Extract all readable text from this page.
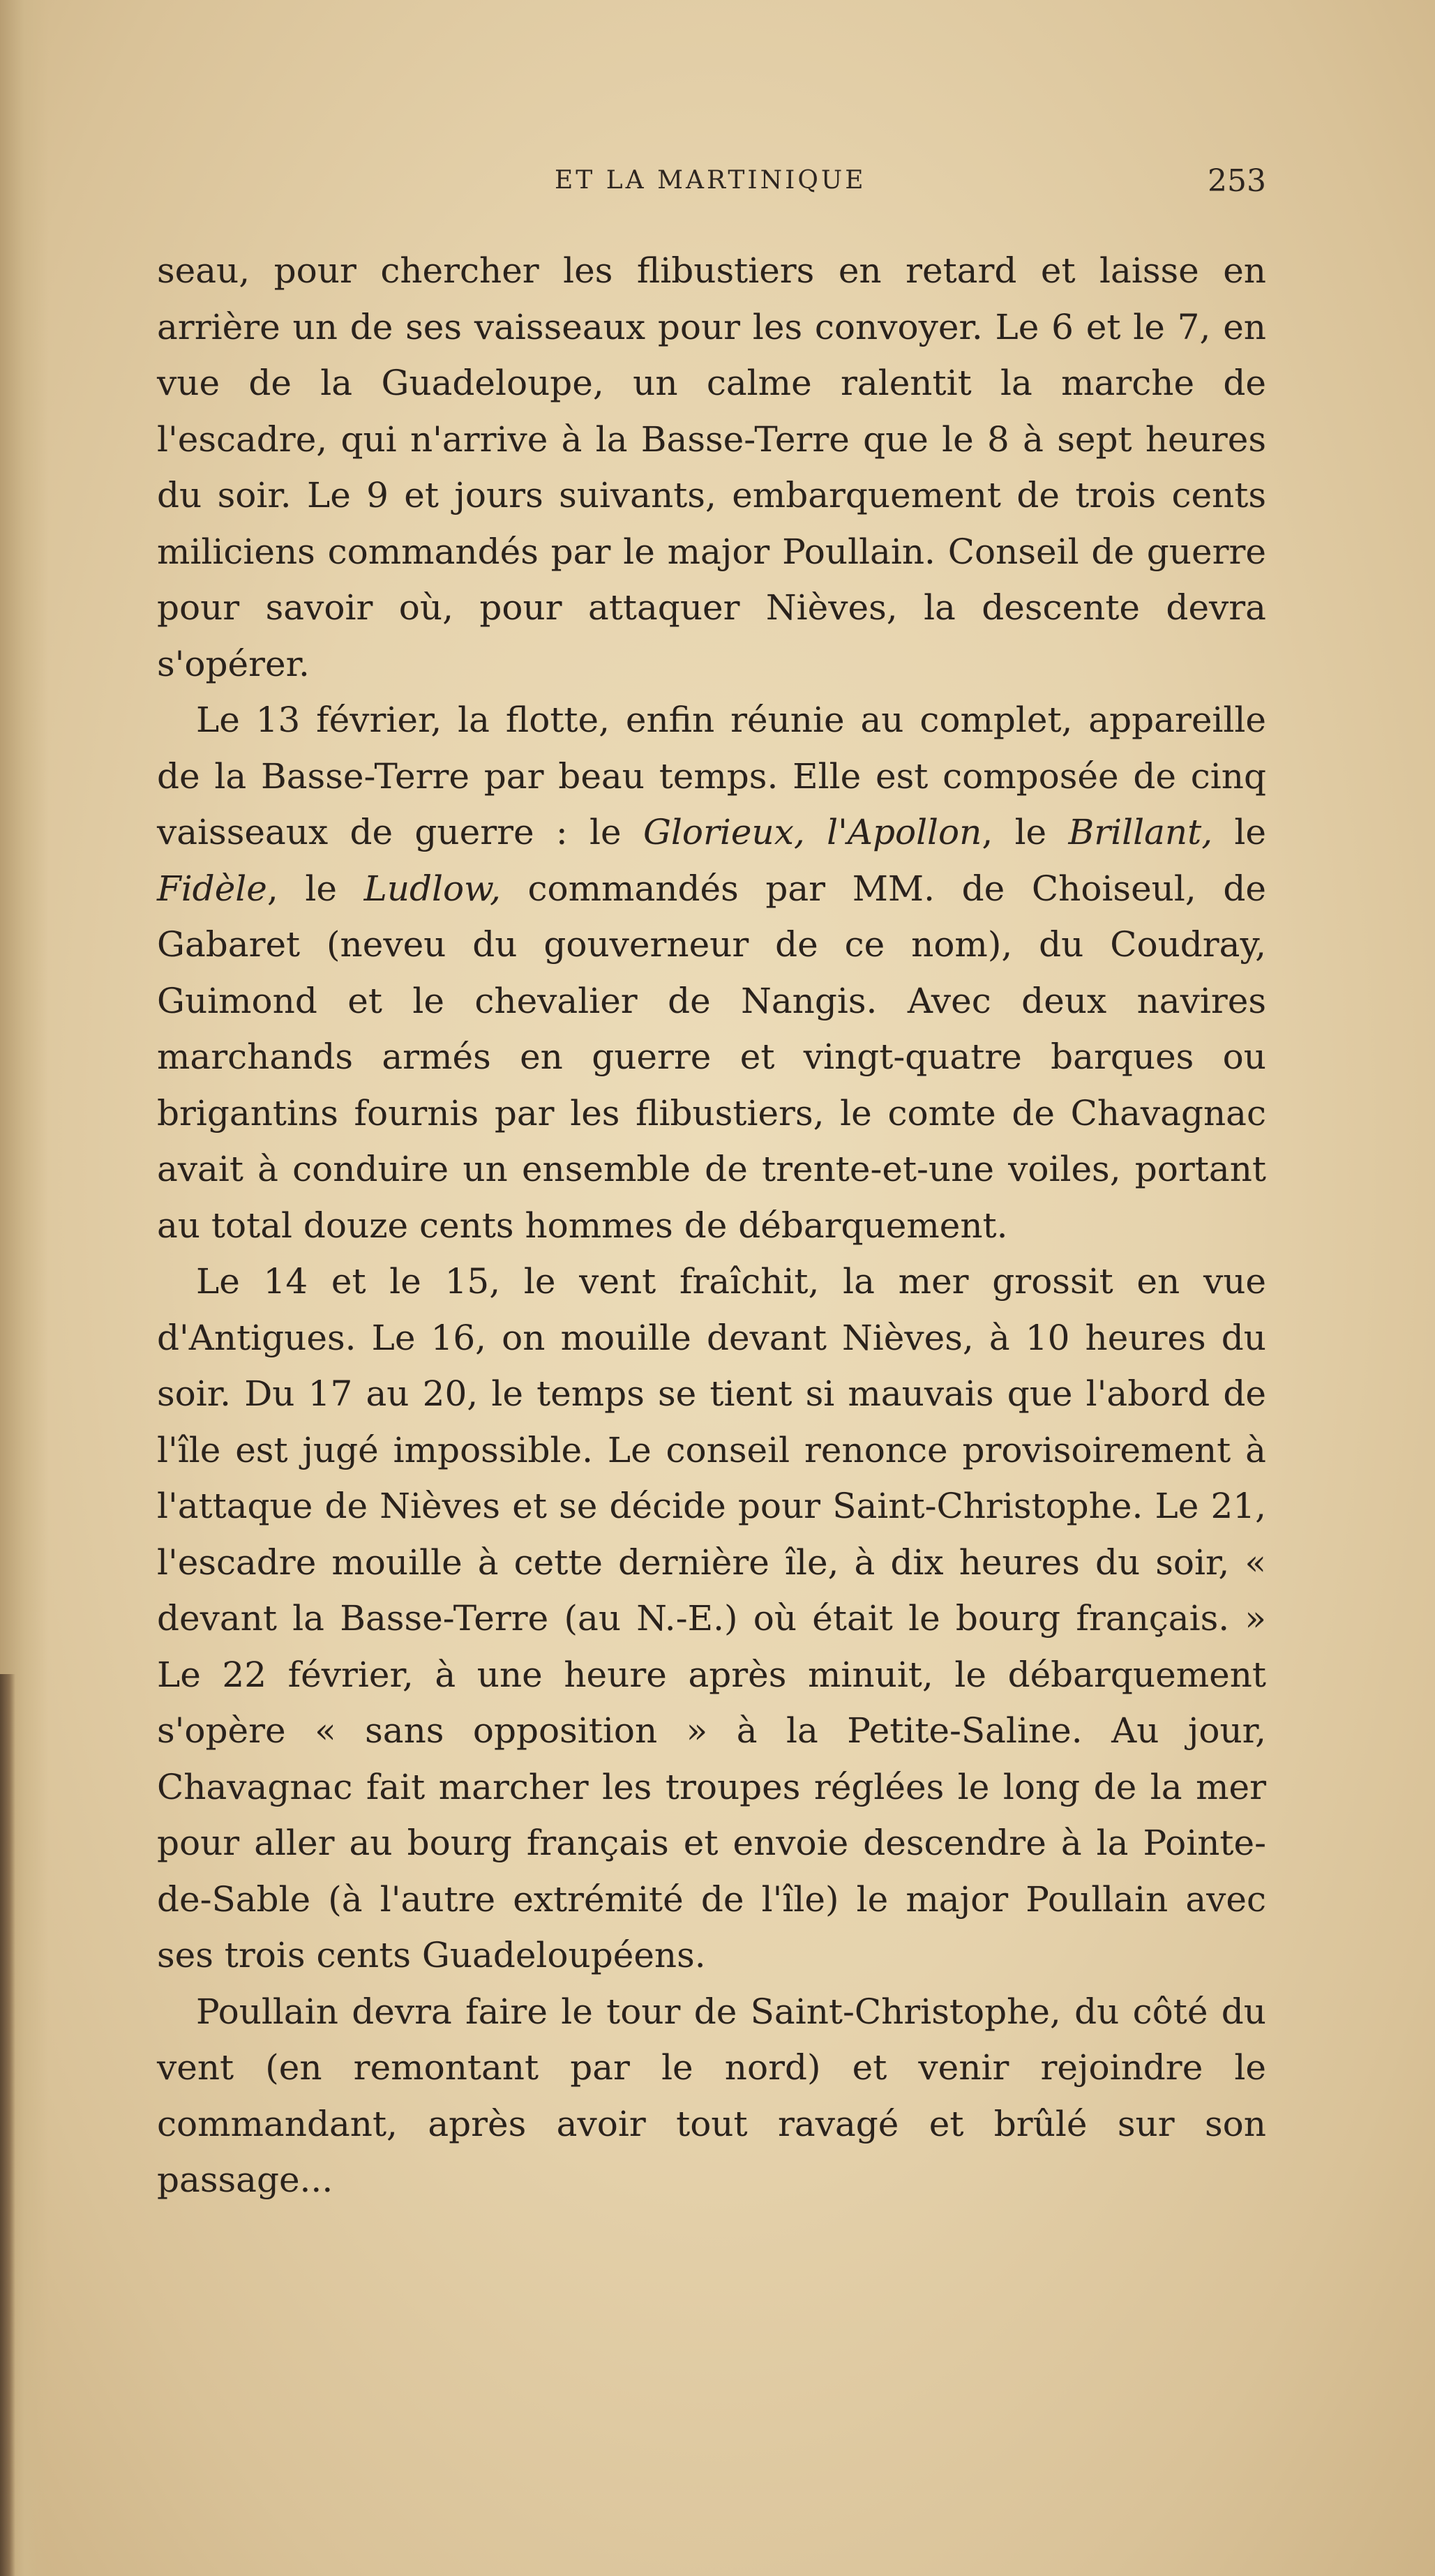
ET LA MARTINIQUE	253

seau, pour chercher les flibustiers en retard et laisse en arrière un de ses vaisseaux pour les convoyer. Le 6 et le 7, en vue de la Guadeloupe, un calme ralentit la marche de l'escadre, qui n'arrive à la Basse-Terre que le 8 à sept heures du soir. Le 9 et jours suivants, embarquement de trois cents miliciens commandés par le major Poullain. Conseil de guerre pour savoir où, pour attaquer Nièves, la descente devra s'opérer.

Le 13 février, la flotte, enfin réunie au complet, appareille de la Basse-Terre par beau temps. Elle est composée de cinq vaisseaux de guerre : le Glorieux, l'Apollon, le Brillant, le Fidèle, le Ludlow, commandés par MM. de Choiseul, de Gabaret (neveu du gouverneur de ce nom), du Coudray, Guimond et le chevalier de Nangis. Avec deux navires marchands armés en guerre et vingt-quatre barques ou brigantins fournis par les flibustiers, le comte de Chavagnac avait à conduire un ensemble de trente-et-une voiles, portant au total douze cents hommes de débarquement.

Le 14 et le 15, le vent fraîchit, la mer grossit en vue d'Antigues. Le 16, on mouille devant Nièves, à 10 heures du soir. Du 17 au 20, le temps se tient si mauvais que l'abord de l'île est jugé impossible. Le conseil renonce provisoirement à l'attaque de Nièves et se décide pour Saint-Christophe. Le 21, l'escadre mouille à cette dernière île, à dix heures du soir, « devant la Basse-Terre (au N.-E.) où était le bourg français. » Le 22 février, à une heure après minuit, le débarquement s'opère « sans opposition » à la Petite-Saline. Au jour, Chavagnac fait marcher les troupes réglées le long de la mer pour aller au bourg français et envoie descendre à la Pointe-de-Sable (à l'autre extrémité de l'île) le major Poullain avec ses trois cents Guadeloupéens.

Poullain devra faire le tour de Saint-Christophe, du côté du vent (en remontant par le nord) et venir rejoindre le commandant, après avoir tout ravagé et brûlé sur son passage...
